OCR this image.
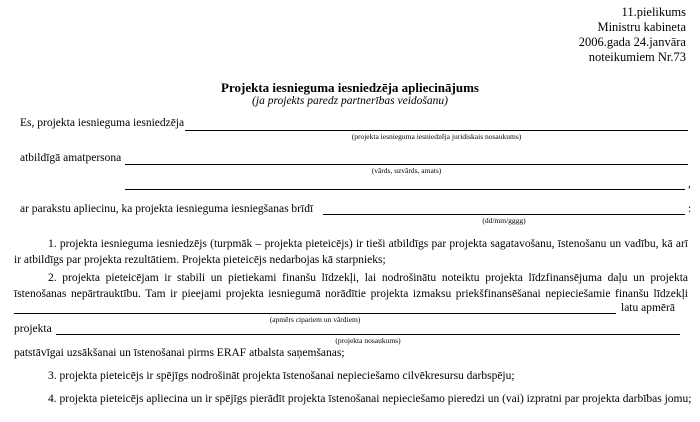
11.pielikums
Ministru kabineta
2006.gada 24.janvāra
noteikumiem Nr.73
Projekta iesnieguma iesniedzēja apliecinājums
(ja projekts paredz partnerības veidošanu)
Es, projekta iesnieguma iesniedzēja
(projekta iesnieguma iesniedzēja juridiskais nosaukums)
atbildīgā amatpersona
(vārds, uzvārds, amats)
,
ar parakstu apliecinu, ka projekta iesnieguma iesniegšanas brīdī	:
(dd/mm/gggg)
1. projekta iesnieguma iesniedzējs (turpmāk – projekta pieteicējs) ir tieši atbildīgs par projekta sagatavošanu, īstenošanu un vadību, kā arī
ir atbildīgs par projekta rezultātiem. Projekta pieteicējs nedarbojas kā starpnieks;
2. projekta pieteicējam ir stabili un pietiekami finanšu līdzekļi, lai nodrošinātu noteiktu projekta līdzfinansējuma daļu un projekta
īstenošanas nepārtrauktību. Tam ir pieejami projekta iesniegumā norādītie projekta izmaksu priekšfinansēšanai nepieciešamie finanšu līdzekļi
latu apmērā
(apmērs cipariem un vārdiem)
projekta
(projekta nosaukums)
patstāvīgai uzsākšanai un īstenošanai pirms ERAF atbalsta saņemšanas;
3. projekta pieteicējs ir spējīgs nodrošināt projekta īstenošanai nepieciešamo cilvēkresursu darbspēju;
4. projekta pieteicējs apliecina un ir spējīgs pierādīt projekta īstenošanai nepieciešamo pieredzi un (vai) izpratni par projekta darbības jomu;
